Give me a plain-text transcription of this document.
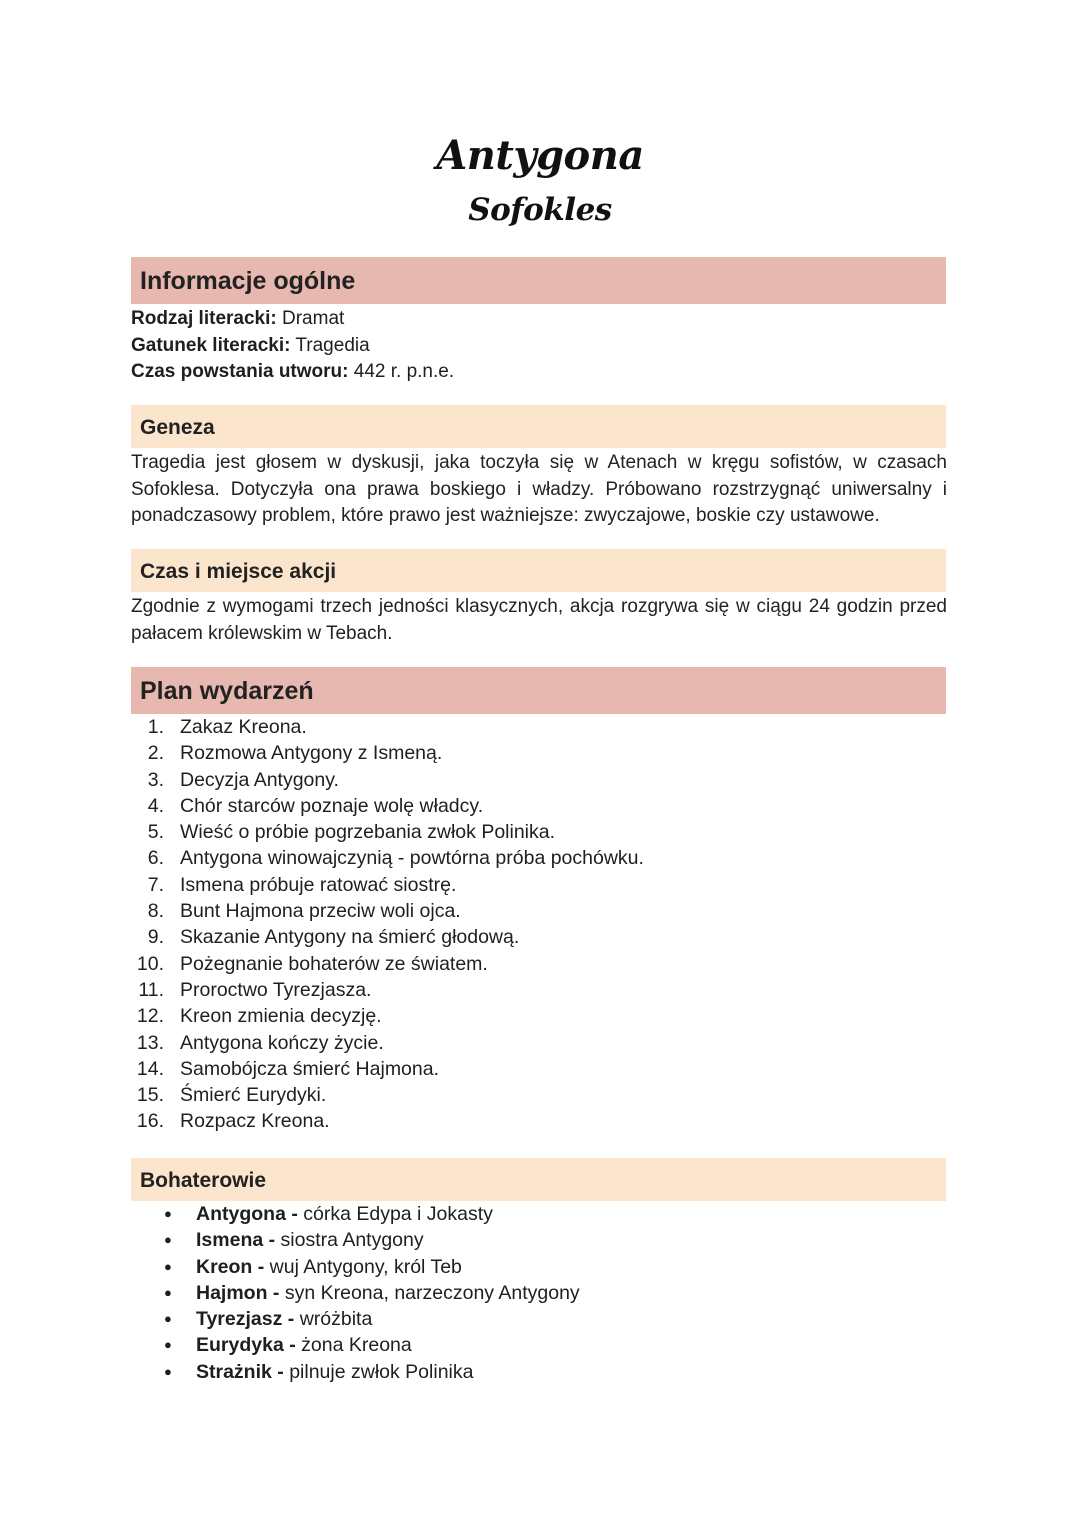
Antygona
Sofokles
Informacje ogólne
Rodzaj literacki: Dramat
Gatunek literacki: Tragedia
Czas powstania utworu: 442 r. p.n.e.
Geneza
Tragedia jest głosem w dyskusji, jaka toczyła się w Atenach w kręgu sofistów, w czasach Sofoklesa. Dotyczyła ona prawa boskiego i władzy. Próbowano rozstrzygnąć uniwersalny i ponadczasowy problem, które prawo jest ważniejsze: zwyczajowe, boskie czy ustawowe.
Czas i miejsce akcji
Zgodnie z wymogami trzech jedności klasycznych, akcja rozgrywa się w ciągu 24 godzin przed pałacem królewskim w Tebach.
Plan wydarzeń
1. Zakaz Kreona.
2. Rozmowa Antygony z Ismeną.
3. Decyzja Antygony.
4. Chór starców poznaje wolę władcy.
5. Wieść o próbie pogrzebania zwłok Polinika.
6. Antygona winowajczynią - powtórna próba pochówku.
7. Ismena próbuje ratować siostrę.
8. Bunt Hajmona przeciw woli ojca.
9. Skazanie Antygony na śmierć głodową.
10. Pożegnanie bohaterów ze światem.
11. Proroctwo Tyrezjasza.
12. Kreon zmienia decyzję.
13. Antygona kończy życie.
14. Samobójcza śmierć Hajmona.
15. Śmierć Eurydyki.
16. Rozpacz Kreona.
Bohaterowie
●Antygona - córka Edypa i Jokasty
●Ismena - siostra Antygony
●Kreon - wuj Antygony, król Teb
●Hajmon - syn Kreona, narzeczony Antygony
●Tyrezjasz - wróżbita
●Eurydyka - żona Kreona
●Strażnik - pilnuje zwłok Polinika
